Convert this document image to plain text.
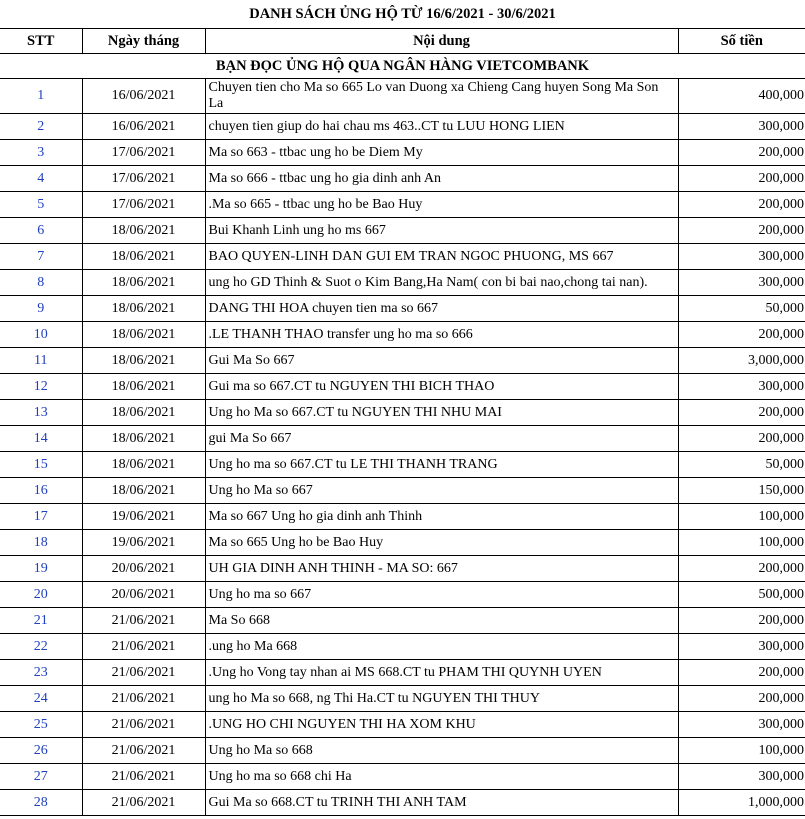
DANH SÁCH ỦNG HỘ TỪ 16/6/2021 - 30/6/2021
STT	Ngày tháng	Nội dung	Số tiền
BẠN ĐỌC ỦNG HỘ QUA NGÂN HÀNG VIETCOMBANK			
1	16/06/2021	Chuyen tien cho Ma so 665 Lo van Duong xa Chieng Cang huyen Song Ma Son La	400,000
2	16/06/2021	chuyen tien giup do hai chau ms 463..CT tu LUU HONG LIEN	300,000
3	17/06/2021	Ma so 663 - ttbac ung ho be Diem My	200,000
4	17/06/2021	Ma so 666 - ttbac ung ho gia dinh anh An	200,000
5	17/06/2021	.Ma so 665 - ttbac ung ho be Bao Huy	200,000
6	18/06/2021	Bui Khanh Linh ung ho ms 667	200,000
7	18/06/2021	BAO QUYEN-LINH DAN GUI EM TRAN NGOC PHUONG, MS 667	300,000
8	18/06/2021	ung ho GD Thinh & Suot o Kim Bang,Ha Nam( con bi bai nao,chong tai nan).	300,000
9	18/06/2021	DANG THI HOA chuyen tien ma so 667	50,000
10	18/06/2021	.LE THANH THAO transfer ung ho ma so 666	200,000
11	18/06/2021	Gui Ma So 667	3,000,000
12	18/06/2021	Gui ma so 667.CT tu NGUYEN THI BICH THAO	300,000
13	18/06/2021	Ung ho Ma so 667.CT tu NGUYEN THI NHU MAI	200,000
14	18/06/2021	gui Ma So 667	200,000
15	18/06/2021	Ung ho ma so 667.CT tu LE THI THANH TRANG	50,000
16	18/06/2021	Ung ho Ma so 667	150,000
17	19/06/2021	Ma so 667 Ung ho gia dinh anh Thinh	100,000
18	19/06/2021	Ma so 665 Ung ho be Bao Huy	100,000
19	20/06/2021	UH GIA DINH ANH THINH - MA SO: 667	200,000
20	20/06/2021	Ung ho ma so 667	500,000
21	21/06/2021	Ma So 668	200,000
22	21/06/2021	.ung ho Ma 668	300,000
23	21/06/2021	.Ung ho Vong tay nhan ai MS 668.CT tu PHAM THI QUYNH UYEN	200,000
24	21/06/2021	ung ho Ma so 668, ng Thi Ha.CT tu NGUYEN THI THUY	200,000
25	21/06/2021	.UNG HO CHI NGUYEN THI HA XOM KHU	300,000
26	21/06/2021	Ung ho Ma so 668	100,000
27	21/06/2021	Ung ho ma so 668 chi Ha	300,000
28	21/06/2021	Gui Ma so 668.CT tu TRINH THI ANH TAM	1,000,000
